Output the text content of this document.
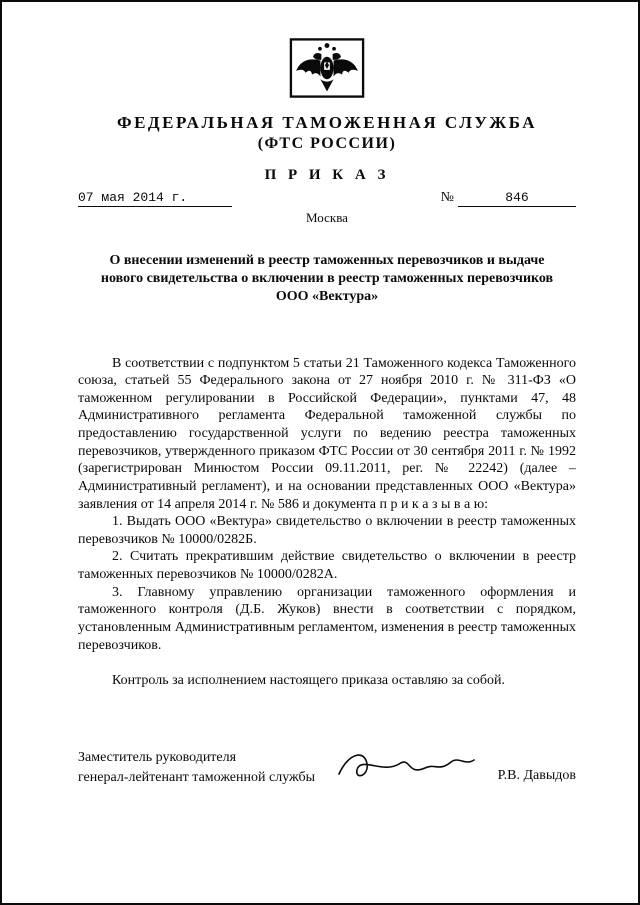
ФЕДЕРАЛЬНАЯ ТАМОЖЕННАЯ СЛУЖБА
(ФТС РОССИИ)
П Р И К А З
07 мая 2014 г.	№	846
Москва
О внесении изменений в реестр таможенных перевозчиков и выдаче нового свидетельства о включении в реестр таможенных перевозчиков ООО «Вектура»

В соответствии с подпунктом 5 статьи 21 Таможенного кодекса Таможенного союза, статьей 55 Федерального закона от 27 ноября 2010 г. № 311-ФЗ «О таможенном регулировании в Российской Федерации», пунктами 47, 48 Административного регламента Федеральной таможенной службы по предоставлению государственной услуги по ведению реестра таможенных перевозчиков, утвержденного приказом ФТС России от 30 сентября 2011 г. № 1992 (зарегистрирован Минюстом России 09.11.2011, рег. № 22242) (далее – Административный регламент), и на основании представленных ООО «Вектура» заявления от 14 апреля 2014 г. № 586 и документа п р и к а з ы в а ю:

1. Выдать ООО «Вектура» свидетельство о включении в реестр таможенных перевозчиков № 10000/0282Б.

2. Считать прекратившим действие свидетельство о включении в реестр таможенных перевозчиков № 10000/0282А.

3. Главному управлению организации таможенного оформления и таможенного контроля (Д.Б. Жуков) внести в соответствии с порядком, установленным Административным регламентом, изменения в реестр таможенных перевозчиков.

Контроль за исполнением настоящего приказа оставляю за собой.

Заместитель руководителя
генерал-лейтенант таможенной службы	Р.В. Давыдов
